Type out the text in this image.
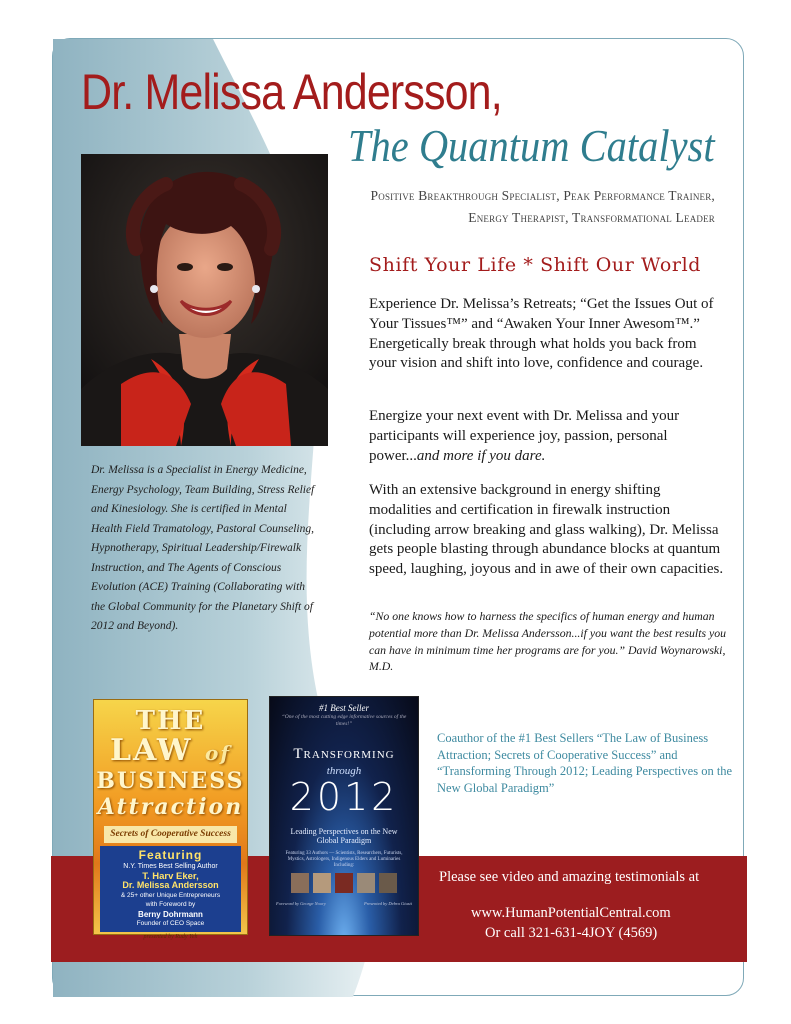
Dr. Melissa Andersson,
The Quantum Catalyst
Positive Breakthrough Specialist, Peak Performance Trainer,
Energy Therapist, Transformational Leader
Dr. Melissa is a Specialist in Energy Medicine, Energy Psychology, Team Building, Stress Relief and Kinesiology. She is certified in Mental Health Field Tramatology, Pastoral Counseling, Hypnotherapy, Spiritual Leadership/Firewalk Instruction, and The Agents of Conscious Evolution (ACE) Training (Collaborating with the Global Community for the Planetary Shift of 2012 and Beyond).
Shift Your Life * Shift Our World
Experience Dr. Melissa’s Retreats; “Get the Issues Out of Your Tissues™” and “Awaken Your Inner Awesom™.” Energetically break through what holds you back from your vision and shift into love, confidence and courage.
Energize your next event with Dr. Melissa and your participants will experience joy, passion, personal power...and more if you dare.
With an extensive background in energy shifting modalities and certification in firewalk instruction (including arrow breaking and glass walking), Dr. Melissa gets people blasting through abundance blocks at quantum speed, laughing, joyous and in awe of their own capacities.
“No one knows how to harness the specifics of human energy and human potential more than Dr. Melissa Andersson...if you want the best results you can have in minimum time her programs are for you.” David Woynarowski, M.D.
Coauthor of the #1 Best Sellers “The Law of Business Attraction; Secrets of Cooperative Success” and “Transforming Through 2012; Leading Perspectives on the New Global Paradigm”
Please see video and amazing testimonials at
www.HumanPotentialCentral.com
Or call 321-631-4JOY (4569)
THE
LAW of
BUSINESS
Attraction
Secrets of Cooperative Success
Featuring
N.Y. Times Best Selling Author
T. Harv Eker,
Dr. Melissa Andersson
& 25+ other Unique Entrepreneurs
with Foreword by
Berny Dohrmann
Founder of CEO Space
presented by Rudy Yeh
#1 Best Seller
“One of the most cutting edge informative sources of the times!”
Transforming
through
2012
Leading Perspectives on the New Global Paradigm
Featuring 33 Authors — Scientists, Researchers, Futurists, Mystics, Astrologers, Indigenous Elders and Luminaries Including:
Foreword by George Noory	Presented by Debra Giusti
